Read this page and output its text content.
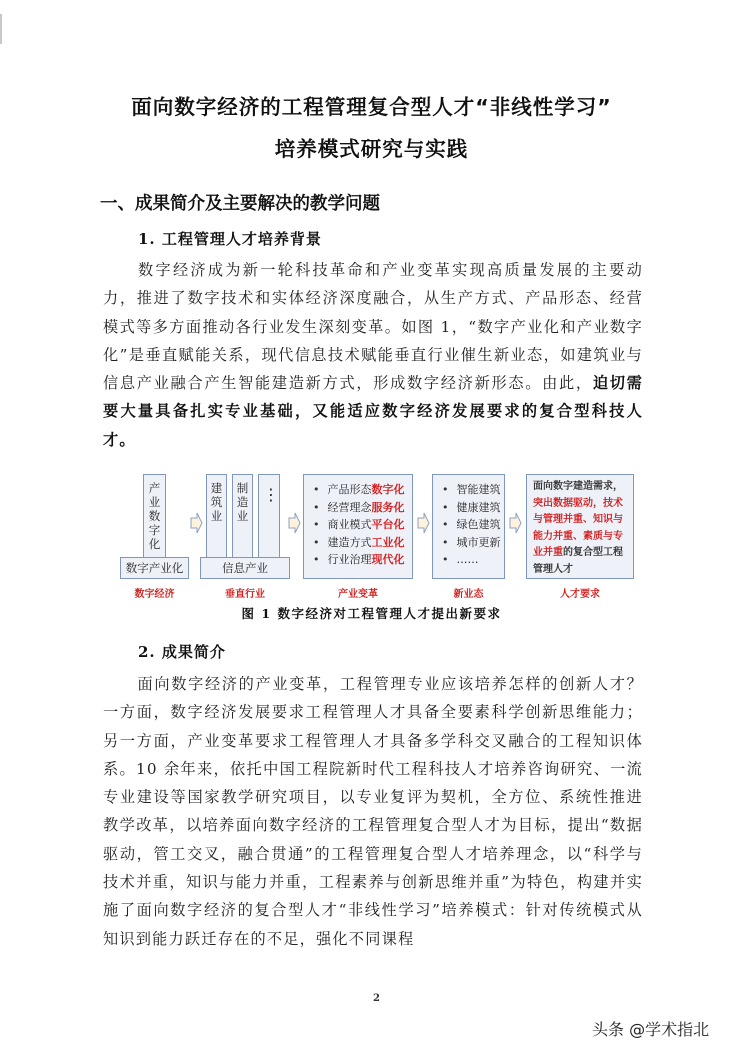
面向数字经济的工程管理复合型人才“非线性学习”
培养模式研究与实践
一、成果简介及主要解决的教学问题
1. 工程管理人才培养背景
数字经济成为新一轮科技革命和产业变革实现高质量发展的主要动力，推进了数字技术和实体经济深度融合，从生产方式、产品形态、经营模式等多方面推动各行业发生深刻变革。如图 1，“数字产业化和产业数字化”是垂直赋能关系，现代信息技术赋能垂直行业催生新业态，如建筑业与信息产业融合产生智能建造新方式，形成数字经济新形态。由此，迫切需要大量具备扎实专业基础，又能适应数字经济发展要求的复合型科技人才。
产业数字化
数字产业化
数字经济
建筑业
制造业
⋮
信息产业
垂直行业
• 产品形态数字化
• 经营理念服务化
• 商业模式平台化
• 建造方式工业化
• 行业治理现代化
产业变革
• 智能建筑
• 健康建筑
• 绿色建筑
• 城市更新
• ……
新业态
面向数字建造需求，突出数据驱动，技术与管理并重、知识与能力并重、素质与专业并重的复合型工程管理人才
人才要求
图 1 数字经济对工程管理人才提出新要求
2. 成果简介
面向数字经济的产业变革，工程管理专业应该培养怎样的创新人才？一方面，数字经济发展要求工程管理人才具备全要素科学创新思维能力；另一方面，产业变革要求工程管理人才具备多学科交叉融合的工程知识体系。10 余年来，依托中国工程院新时代工程科技人才培养咨询研究、一流专业建设等国家教学研究项目，以专业复评为契机，全方位、系统性推进教学改革，以培养面向数字经济的工程管理复合型人才为目标，提出“数据驱动，管工交叉，融合贯通”的工程管理复合型人才培养理念，以“科学与技术并重，知识与能力并重，工程素养与创新思维并重”为特色，构建并实施了面向数字经济的复合型人才“非线性学习”培养模式：针对传统模式从知识到能力跃迁存在的不足，强化不同课程
2
头条 @学术指北
